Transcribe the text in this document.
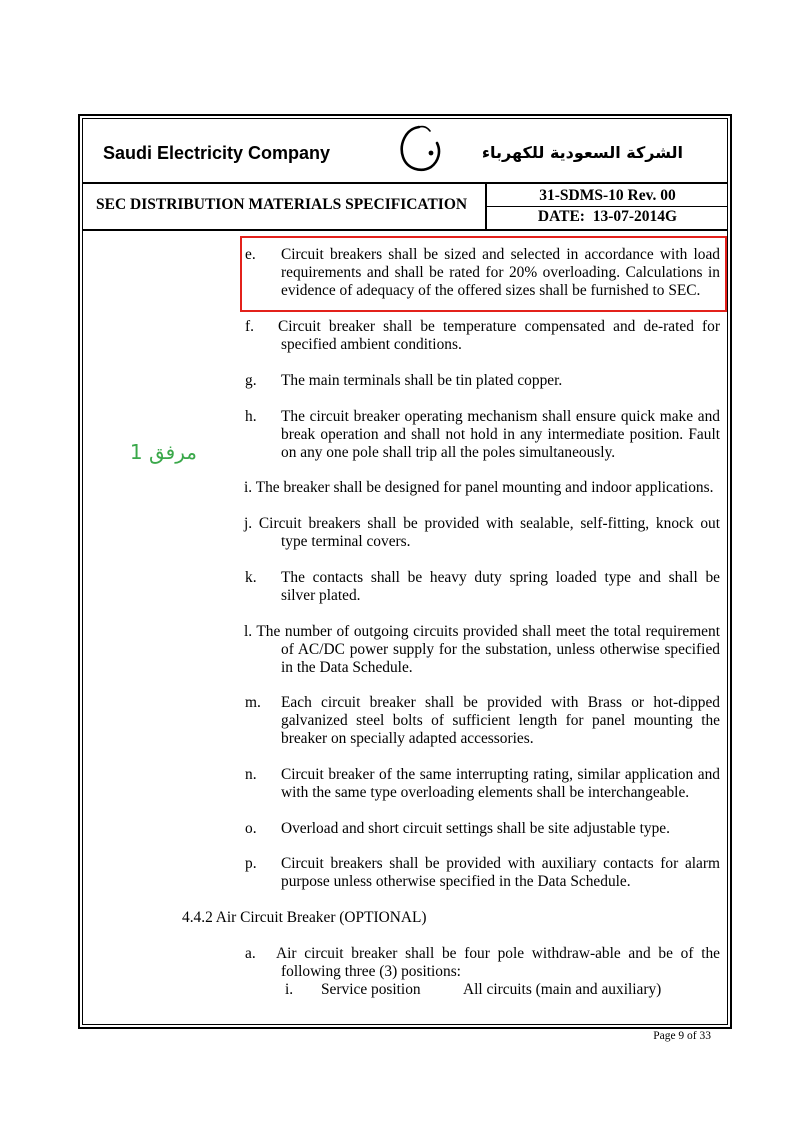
Saudi Electricity Company	الشركة السعودية للكهرباء
SEC DISTRIBUTION MATERIALS SPECIFICATION
31-SDMS-10 Rev. 00
DATE:  13-07-2014G
مرفق 1
e. Circuit breakers shall be sized and selected in accordance with load
requirements and shall be rated for 20% overloading. Calculations in
evidence of adequacy of the offered sizes shall be furnished to SEC.
f. Circuit breaker shall be temperature compensated and de-rated for
specified ambient conditions.
g. The main terminals shall be tin plated copper.
h. The circuit breaker operating mechanism shall ensure quick make and
break operation and shall not hold in any intermediate position. Fault
on any one pole shall trip all the poles simultaneously.
i. The breaker shall be designed for panel mounting and indoor applications.
j. Circuit breakers shall be provided with sealable, self-fitting, knock out
type terminal covers.
k. The contacts shall be heavy duty spring loaded type and shall be
silver plated.
l. The number of outgoing circuits provided shall meet the total requirement
of AC/DC power supply for the substation, unless otherwise specified
in the Data Schedule.
m. Each circuit breaker shall be provided with Brass or hot-dipped
galvanized steel bolts of sufficient length for panel mounting the
breaker on specially adapted accessories.
n. Circuit breaker of the same interrupting rating, similar application and
with the same type overloading elements shall be interchangeable.
o. Overload and short circuit settings shall be site adjustable type.
p. Circuit breakers shall be provided with auxiliary contacts for alarm
purpose unless otherwise specified in the Data Schedule.
4.4.2 Air Circuit Breaker (OPTIONAL)
a. Air circuit breaker shall be four pole withdraw-able and be of the
following three (3) positions:
i. Service position	All circuits (main and auxiliary)
Page 9 of 33
